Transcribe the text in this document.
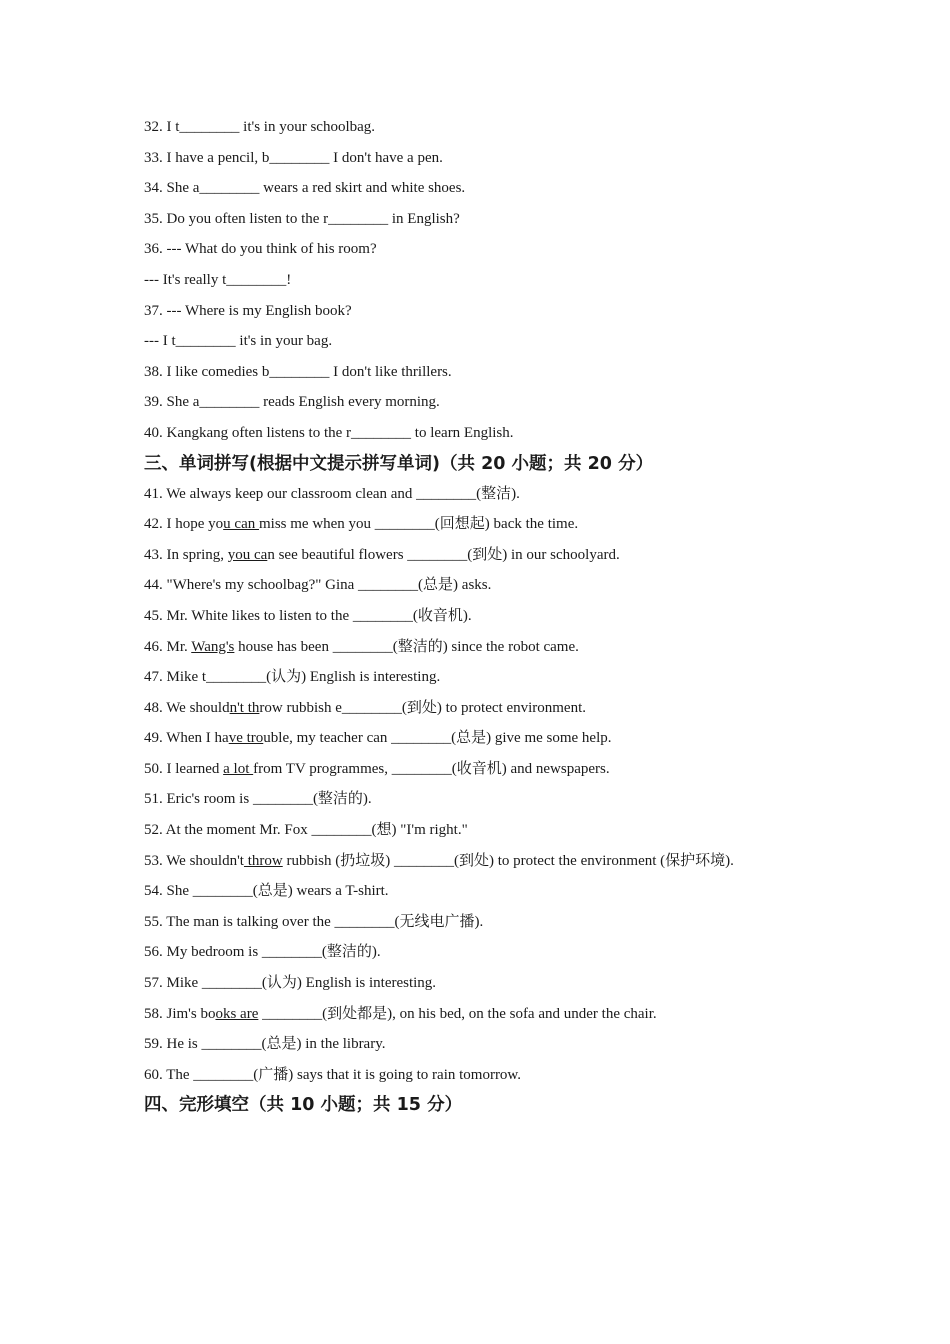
32. I t________ it's in your schoolbag.
33. I have a pencil, b________ I don't have a pen.
34. She a________ wears a red skirt and white shoes.
35. Do you often listen to the r________ in English?
36. --- What do you think of his room?
--- It's really t________!
37. --- Where is my English book?
--- I t________ it's in your bag.
38. I like comedies b________ I don't like thrillers.
39. She a________ reads English every morning.
40. Kangkang often listens to the r________ to learn English.
三、单词拼写(根据中文提示拼写单词)（共 20 小题；共 20 分）
41. We always keep our classroom clean and ________(整洁).
42. I hope you can miss me when you ________(回想起) back the time.
43. In spring, you can see beautiful flowers ________(到处) in our schoolyard.
44. "Where's my schoolbag?" Gina ________(总是) asks.
45. Mr. White likes to listen to the ________(收音机).
46. Mr. Wang's house has been ________(整洁的) since the robot came.
47. Mike t________(认为) English is interesting.
48. We shouldn't throw rubbish e________(到处) to protect environment.
49. When I have trouble, my teacher can ________(总是) give me some help.
50. I learned a lot from TV programmes, ________(收音机) and newspapers.
51. Eric's room is ________(整洁的).
52. At the moment Mr. Fox ________(想) "I'm right."
53. We shouldn't throw rubbish (扔垃圾) ________(到处) to protect the environment (保护环境).
54. She ________(总是) wears a T-shirt.
55. The man is talking over the ________(无线电广播).
56. My bedroom is ________(整洁的).
57. Mike ________(认为) English is interesting.
58. Jim's books are ________(到处都是), on his bed, on the sofa and under the chair.
59. He is ________(总是) in the library.
60. The ________(广播) says that it is going to rain tomorrow.
四、完形填空（共 10 小题；共 15 分）
